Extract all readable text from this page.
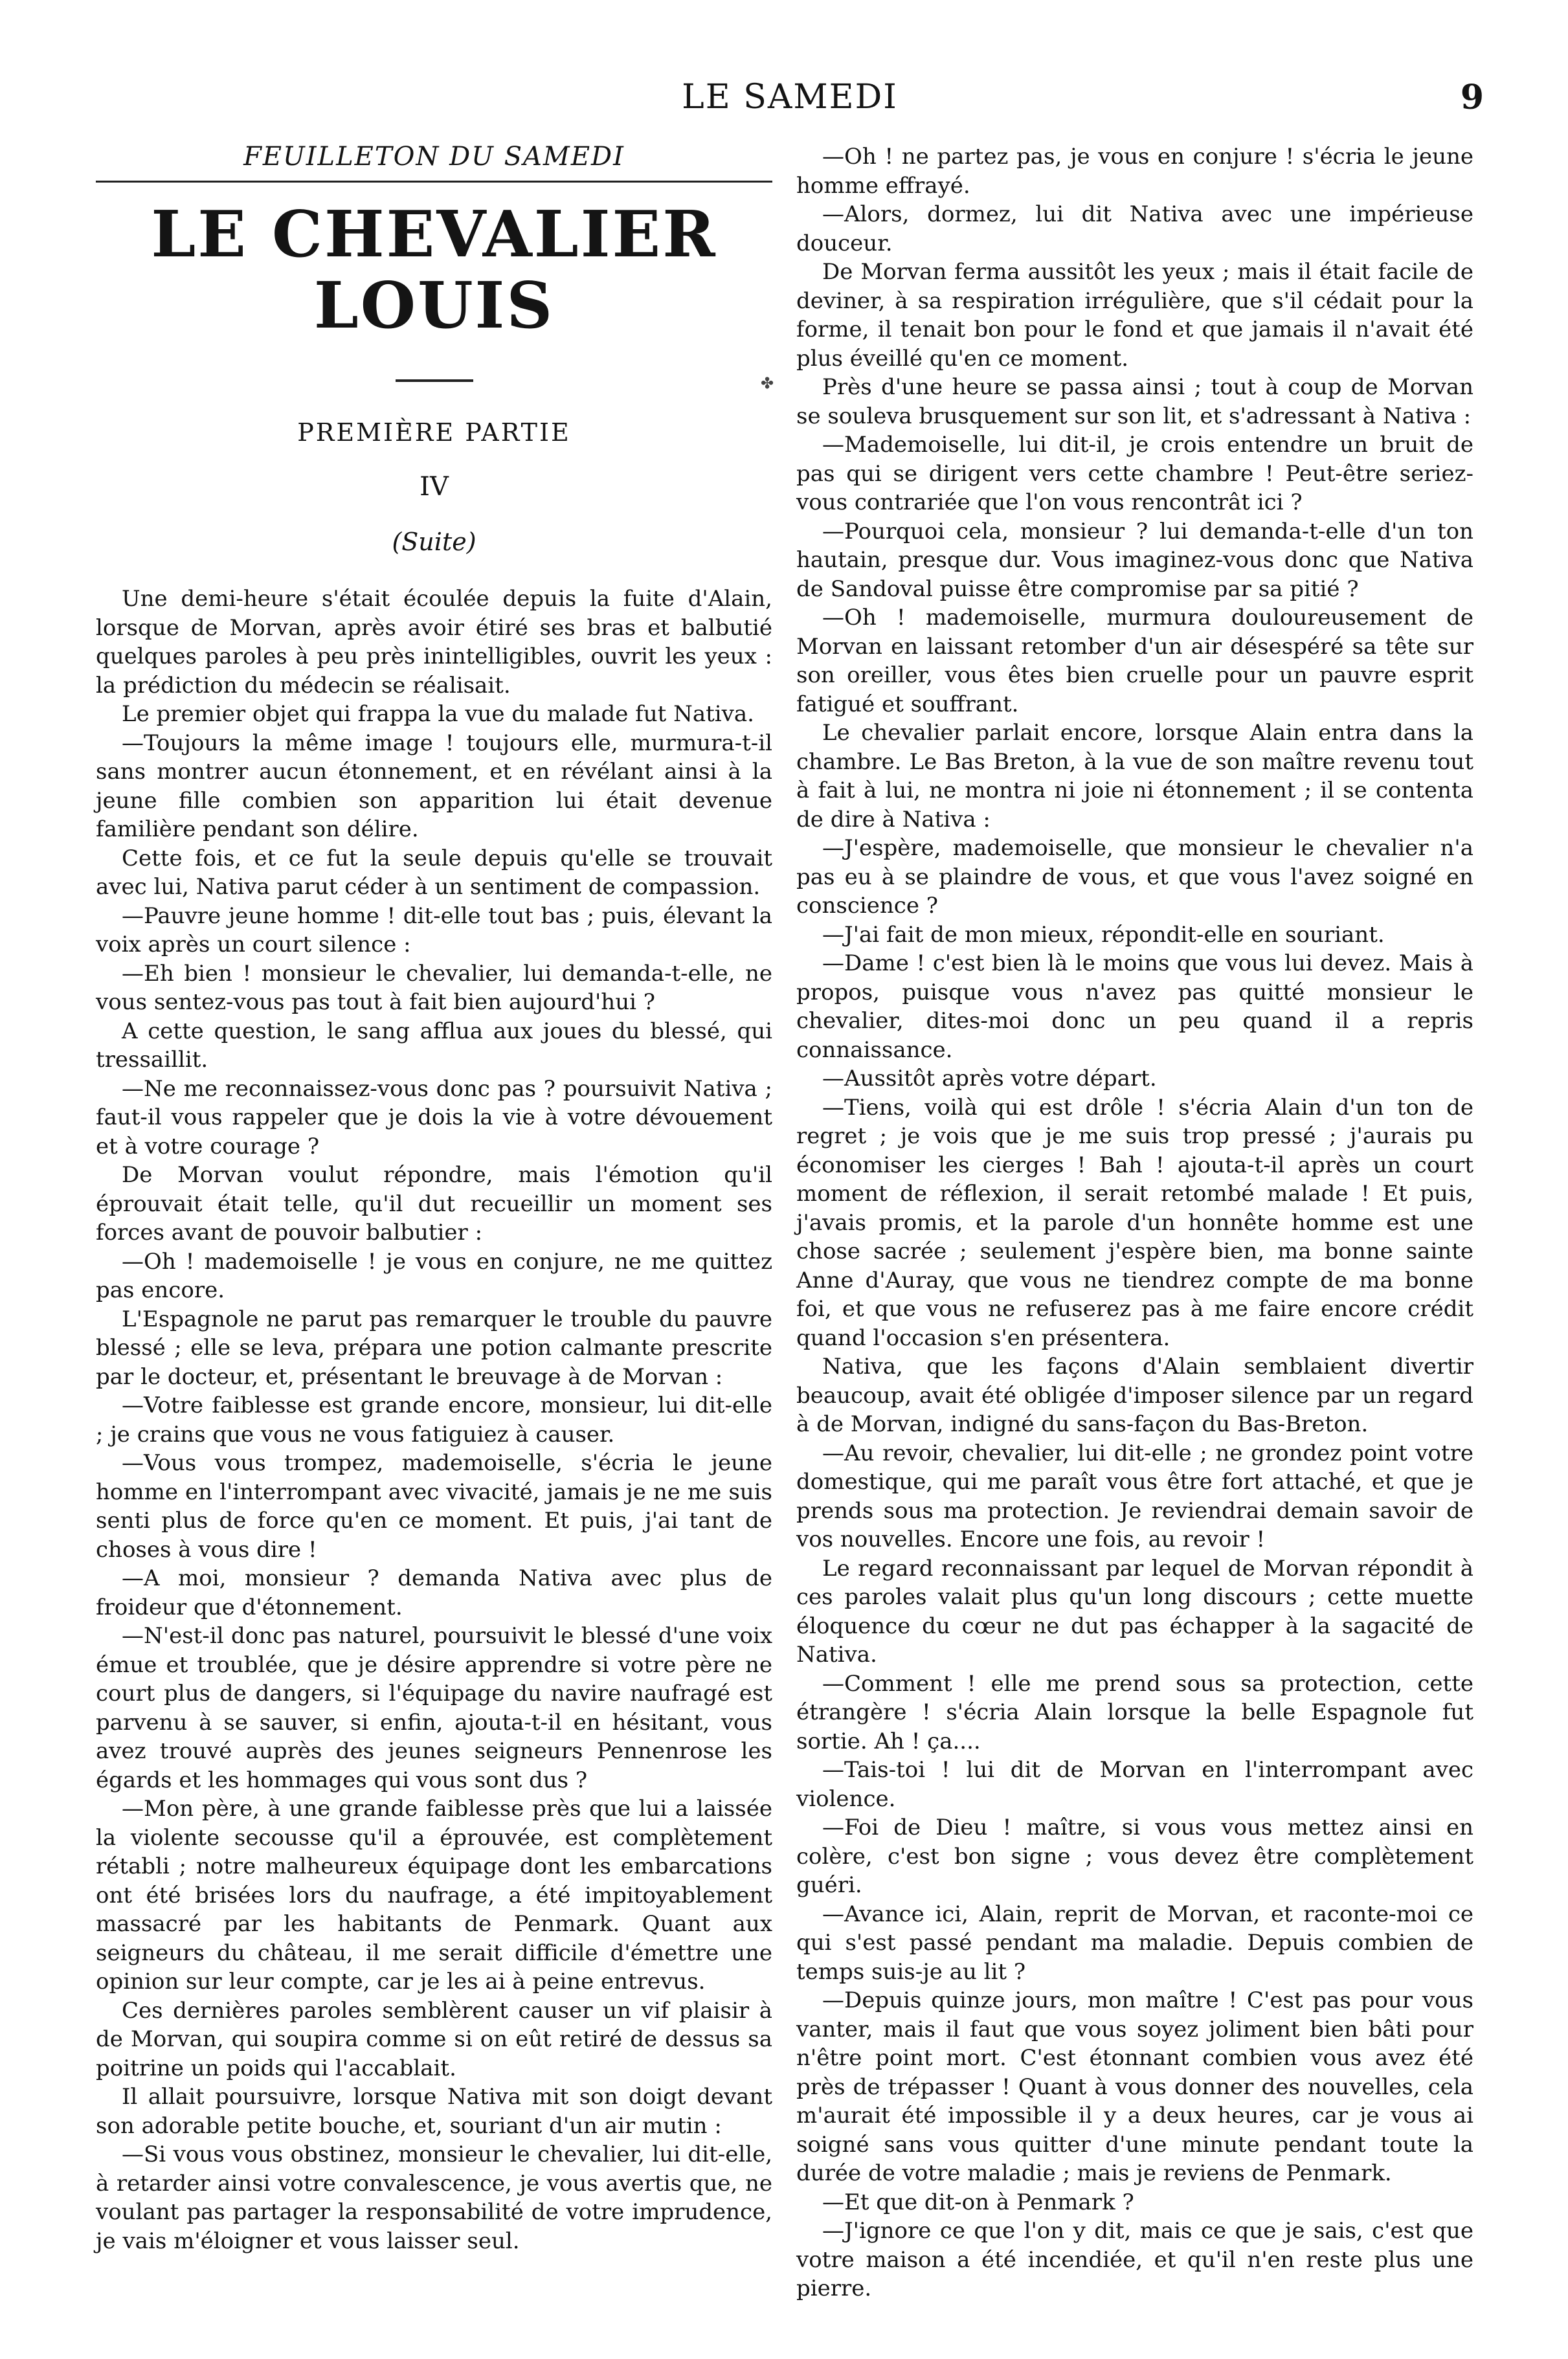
LE SAMEDI	9
✤
FEUILLETON DU SAMEDI
LE CHEVALIER LOUIS
PREMIÈRE PARTIE
IV
(Suite)

Une demi-heure s'était écoulée depuis la fuite d'Alain, lorsque de Morvan, après avoir étiré ses bras et balbutié quelques paroles à peu près inintelligibles, ouvrit les yeux : la prédiction du médecin se réalisait.

Le premier objet qui frappa la vue du malade fut Nativa.

—Toujours la même image ! toujours elle, murmura-t-il sans montrer aucun étonnement, et en révélant ainsi à la jeune fille combien son apparition lui était devenue familière pendant son délire.

Cette fois, et ce fut la seule depuis qu'elle se trouvait avec lui, Nativa parut céder à un sentiment de compassion.

—Pauvre jeune homme ! dit-elle tout bas ; puis, élevant la voix après un court silence :

—Eh bien ! monsieur le chevalier, lui demanda-t-elle, ne vous sentez-vous pas tout à fait bien aujourd'hui ?

A cette question, le sang afflua aux joues du blessé, qui tressaillit.

—Ne me reconnaissez-vous donc pas ? poursuivit Nativa ; faut-il vous rappeler que je dois la vie à votre dévouement et à votre courage ?

De Morvan voulut répondre, mais l'émotion qu'il éprouvait était telle, qu'il dut recueillir un moment ses forces avant de pouvoir balbutier :

—Oh ! mademoiselle ! je vous en conjure, ne me quittez pas encore.

L'Espagnole ne parut pas remarquer le trouble du pauvre blessé ; elle se leva, prépara une potion calmante prescrite par le docteur, et, présentant le breuvage à de Morvan :

—Votre faiblesse est grande encore, monsieur, lui dit-elle ; je crains que vous ne vous fatiguiez à causer.

—Vous vous trompez, mademoiselle, s'écria le jeune homme en l'interrompant avec vivacité, jamais je ne me suis senti plus de force qu'en ce moment. Et puis, j'ai tant de choses à vous dire !

—A moi, monsieur ? demanda Nativa avec plus de froideur que d'étonnement.

—N'est-il donc pas naturel, poursuivit le blessé d'une voix émue et troublée, que je désire apprendre si votre père ne court plus de dangers, si l'équipage du navire naufragé est parvenu à se sauver, si enfin, ajouta-t-il en hésitant, vous avez trouvé auprès des jeunes seigneurs Pennenrose les égards et les hommages qui vous sont dus ?

—Mon père, à une grande faiblesse près que lui a laissée la violente secousse qu'il a éprouvée, est complètement rétabli ; notre malheureux équipage dont les embarcations ont été brisées lors du naufrage, a été impitoyablement massacré par les habitants de Penmark. Quant aux seigneurs du château, il me serait difficile d'émettre une opinion sur leur compte, car je les ai à peine entrevus.

Ces dernières paroles semblèrent causer un vif plaisir à de Morvan, qui soupira comme si on eût retiré de dessus sa poitrine un poids qui l'accablait.

Il allait poursuivre, lorsque Nativa mit son doigt devant son adorable petite bouche, et, souriant d'un air mutin :

—Si vous vous obstinez, monsieur le chevalier, lui dit-elle, à retarder ainsi votre convalescence, je vous avertis que, ne voulant pas partager la responsabilité de votre imprudence, je vais m'éloigner et vous laisser seul.

—Oh ! ne partez pas, je vous en conjure ! s'écria le jeune homme effrayé.

—Alors, dormez, lui dit Nativa avec une impérieuse douceur.

De Morvan ferma aussitôt les yeux ; mais il était facile de deviner, à sa respiration irrégulière, que s'il cédait pour la forme, il tenait bon pour le fond et que jamais il n'avait été plus éveillé qu'en ce moment.

Près d'une heure se passa ainsi ; tout à coup de Morvan se souleva brusquement sur son lit, et s'adressant à Nativa :

—Mademoiselle, lui dit-il, je crois entendre un bruit de pas qui se dirigent vers cette chambre ! Peut-être seriez-vous contrariée que l'on vous rencontrât ici ?

—Pourquoi cela, monsieur ? lui demanda-t-elle d'un ton hautain, presque dur. Vous imaginez-vous donc que Nativa de Sandoval puisse être compromise par sa pitié ?

—Oh ! mademoiselle, murmura douloureusement de Morvan en laissant retomber d'un air désespéré sa tête sur son oreiller, vous êtes bien cruelle pour un pauvre esprit fatigué et souffrant.

Le chevalier parlait encore, lorsque Alain entra dans la chambre. Le Bas Breton, à la vue de son maître revenu tout à fait à lui, ne montra ni joie ni étonnement ; il se contenta de dire à Nativa :

—J'espère, mademoiselle, que monsieur le chevalier n'a pas eu à se plaindre de vous, et que vous l'avez soigné en conscience ?

—J'ai fait de mon mieux, répondit-elle en souriant.

—Dame ! c'est bien là le moins que vous lui devez. Mais à propos, puisque vous n'avez pas quitté monsieur le chevalier, dites-moi donc un peu quand il a repris connaissance.

—Aussitôt après votre départ.

—Tiens, voilà qui est drôle ! s'écria Alain d'un ton de regret ; je vois que je me suis trop pressé ; j'aurais pu économiser les cierges ! Bah ! ajouta-t-il après un court moment de réflexion, il serait retombé malade ! Et puis, j'avais promis, et la parole d'un honnête homme est une chose sacrée ; seulement j'espère bien, ma bonne sainte Anne d'Auray, que vous ne tiendrez compte de ma bonne foi, et que vous ne refuserez pas à me faire encore crédit quand l'occasion s'en présentera.

Nativa, que les façons d'Alain semblaient divertir beaucoup, avait été obligée d'imposer silence par un regard à de Morvan, indigné du sans-façon du Bas-Breton.

—Au revoir, chevalier, lui dit-elle ; ne grondez point votre domestique, qui me paraît vous être fort attaché, et que je prends sous ma protection. Je reviendrai demain savoir de vos nouvelles. Encore une fois, au revoir !

Le regard reconnaissant par lequel de Morvan répondit à ces paroles valait plus qu'un long discours ; cette muette éloquence du cœur ne dut pas échapper à la sagacité de Nativa.

—Comment ! elle me prend sous sa protection, cette étrangère ! s'écria Alain lorsque la belle Espagnole fut sortie. Ah ! ça....

—Tais-toi ! lui dit de Morvan en l'interrompant avec violence.

—Foi de Dieu ! maître, si vous vous mettez ainsi en colère, c'est bon signe ; vous devez être complètement guéri.

—Avance ici, Alain, reprit de Morvan, et raconte-moi ce qui s'est passé pendant ma maladie. Depuis combien de temps suis-je au lit ?

—Depuis quinze jours, mon maître ! C'est pas pour vous vanter, mais il faut que vous soyez joliment bien bâti pour n'être point mort. C'est étonnant combien vous avez été près de trépasser ! Quant à vous donner des nouvelles, cela m'aurait été impossible il y a deux heures, car je vous ai soigné sans vous quitter d'une minute pendant toute la durée de votre maladie ; mais je reviens de Penmark.

—Et que dit-on à Penmark ?

—J'ignore ce que l'on y dit, mais ce que je sais, c'est que votre maison a été incendiée, et qu'il n'en reste plus une pierre.
